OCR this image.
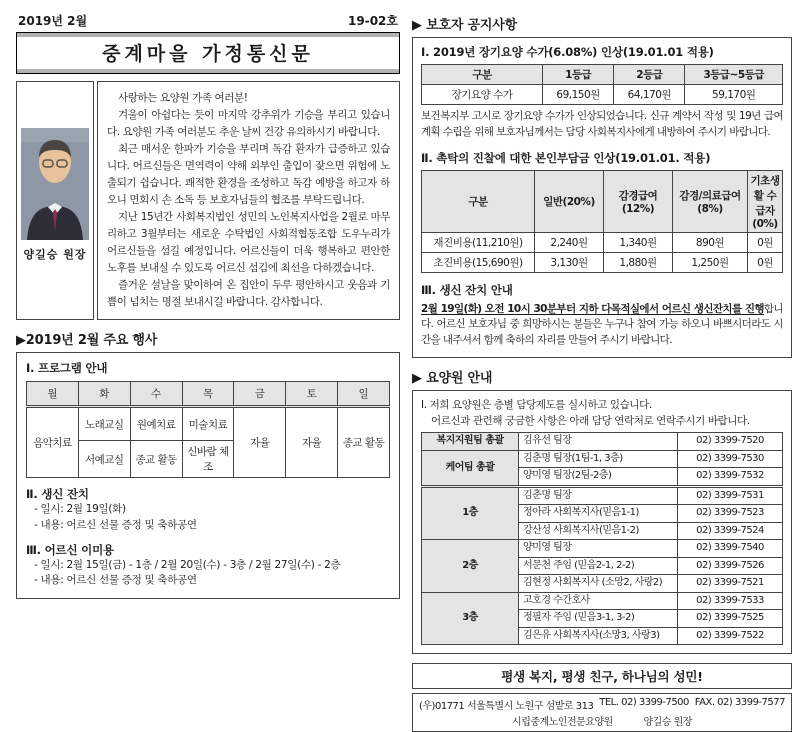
2019년 2월	19-02호
중계마을 가정통신문
양길승 원장

사랑하는 요양원 가족 여러분!

겨울이 아쉽다는 듯이 마지막 강추위가 기승을 부리고 있습니다. 요양원 가족 여러분도 추운 날씨 건강 유의하시기 바랍니다.

최근 매서운 한파가 기승을 부리며 독감 환자가 급증하고 있습니다. 어르신들은 면역력이 약해 외부인 출입이 잦으면 위험에 노출되기 쉽습니다. 쾌적한 환경을 조성하고 독감 예방을 하고자 하오니 면회시 손 소독 등 보호자님들의 협조를 부탁드립니다.

지난 15년간 사회복지법인 성민의 노인복지사업을 2월로 마무리하고 3월부터는 새로운 수탁법인 사회적협동조합 도우누리가 어르신들을 섬길 예정입니다. 어르신들이 더욱 행복하고 편안한 노후를 보내실 수 있도록 어르신 섬김에 최선을 다하겠습니다.

즐거운 설날을 맞이하여 온 집안이 두루 평안하시고 웃음과 기쁨이 넘치는 명절 보내시길 바랍니다. 감사합니다.

▶2019년 2월 주요 행사
Ⅰ. 프로그램 안내
월	화	수	목	금	토	일
음악치료	노래교실	원예치료	미술치료	자율	자율	종교 활동
	서예교실	종교 활동	신바람 체조			
Ⅱ. 생신 잔치
- 일시: 2월 19일(화)
- 내용: 어르신 선물 증정 및 축하공연
Ⅲ. 어르신 이미용
- 일시: 2월 15일(금) - 1층 / 2월 20일(수) - 3층 / 2월 27일(수) - 2층
- 내용: 어르신 선물 증정 및 축하공연
▶ 보호자 공지사항
Ⅰ. 2019년 장기요양 수가(6.08%) 인상(19.01.01 적용)
구분	1등급	2등급	3등급~5등급
장기요양 수가	69,150원	64,170원	59,170원

보건복지부 고시로 장기요양 수가가 인상되었습니다. 신규 계약서 작성 및 19년 급여계획 수립을 위해 보호자님께서는 담당 사회복지사에게 내방하여 주시기 바랍니다.

Ⅱ. 촉탁의 진찰에 대한 본인부담금 인상(19.01.01. 적용)
구분	일반(20%)	감경급여 (12%)	감경/의료급여 (8%)	기초생활 수급자(0%)
재진비용(11,210원)	2,240원	1,340원	890원	0원
초진비용(15,690원)	3,130원	1,880원	1,250원	0원
Ⅲ. 생신 잔치 안내

2월 19일(화) 오전 10시 30분부터 지하 다목적실에서 어르신 생신잔치를 진행합니다. 어르신 보호자님 중 희망하시는 분들은 누구나 참여 가능 하오니 바쁘시더라도 시간을 내주셔서 함께 축하의 자리를 만들어 주시기 바랍니다.

▶ 요양원 안내
Ⅰ. 저희 요양원은 층별 담당제도를 실시하고 있습니다.
어르신과 관련해 궁금한 사항은 아래 담당 연락처로 연락주시기 바랍니다.
복지지원팀 총괄	김유선 팀장	02) 3399-7520
케어팀 총괄	김춘명 팀장(1팀-1, 3층)	02) 3399-7530
	양미영 팀장(2팀-2층)	02) 3399-7532
1층	김춘명 팀장	02) 3399-7531
	정아라 사회복지사(믿음1-1)	02) 3399-7523
	강산성 사회복지사(믿음1-2)	02) 3399-7524
2층	양미영 팀장	02) 3399-7540
	서문천 주임 (믿음2-1, 2-2)	02) 3399-7526
	김현정 사회복지사 (소망2, 사랑2)	02) 3399-7521
3층	고호경 수간호사	02) 3399-7533
	정필자 주임 (믿음3-1, 3-2)	02) 3399-7525
	김은유 사회복지사(소망3, 사랑3)	02) 3399-7522
평생 복지, 평생 친구, 하나님의 성민!
(우)01771 서울특별시 노원구 섬밭로 313 TEL. 02) 3399-7500 FAX. 02) 3399-7577
시립중계노인전문요양원	양길승 원장
